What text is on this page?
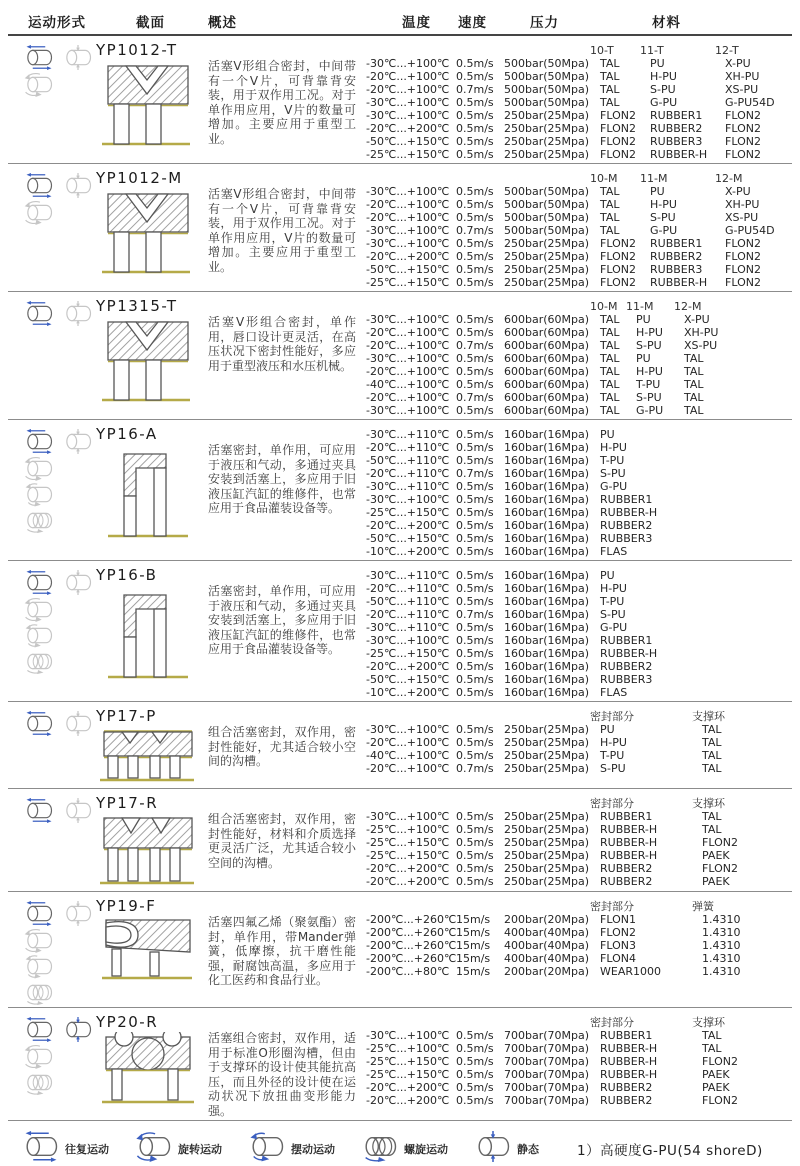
运动形式	截面	概述	温度 速度	压力	材料
YP1012-T
活塞V形组合密封，中间带有一个V片，可背靠背安装，用于双作用工况。对于单作用应用，V片的数量可增加。主要应用于重型工业。
10-T	11-T	12-T
-30℃...+100℃ 0.5m/s 500bar(50Mpa) TAL	PU	X-PU
-20℃...+100℃ 0.5m/s 500bar(50Mpa) TAL	H-PU	XH-PU
-20℃...+100℃ 0.7m/s 500bar(50Mpa) TAL	S-PU	XS-PU
-30℃...+100℃ 0.5m/s 500bar(50Mpa) TAL	G-PU	G-PU54D
-30℃...+100℃ 0.5m/s 250bar(25Mpa) FLON2	RUBBER1	FLON2
-20℃...+200℃ 0.5m/s 250bar(25Mpa) FLON2	RUBBER2	FLON2
-50℃...+150℃ 0.5m/s 250bar(25Mpa) FLON2	RUBBER3	FLON2
-25℃...+150℃ 0.5m/s 250bar(25Mpa) FLON2	RUBBER-H	FLON2
YP1012-M
活塞V形组合密封，中间带有一个V片，可背靠背安装，用于双作用工况。对于单作用应用，V片的数量可增加。主要应用于重型工业。
10-M	11-M	12-M
-30℃...+100℃ 0.5m/s 500bar(50Mpa) TAL	PU	X-PU
-20℃...+100℃ 0.5m/s 500bar(50Mpa) TAL	H-PU	XH-PU
-20℃...+100℃ 0.5m/s 500bar(50Mpa) TAL	S-PU	XS-PU
-30℃...+100℃ 0.7m/s 500bar(50Mpa) TAL	G-PU	G-PU54D
-30℃...+100℃ 0.5m/s 250bar(25Mpa) FLON2	RUBBER1	FLON2
-20℃...+200℃ 0.5m/s 250bar(25Mpa) FLON2	RUBBER2	FLON2
-50℃...+150℃ 0.5m/s 250bar(25Mpa) FLON2	RUBBER3	FLON2
-25℃...+150℃ 0.5m/s 250bar(25Mpa) FLON2	RUBBER-H	FLON2
YP1315-T
活塞V形组合密封，单作用，唇口设计更灵活，在高压状况下密封性能好，多应用于重型液压和水压机械。
10-M 11-M	12-M
-30℃...+100℃ 0.5m/s 600bar(60Mpa) TAL	PU	X-PU
-20℃...+100℃ 0.5m/s 600bar(60Mpa) TAL	H-PU	XH-PU
-20℃...+100℃ 0.7m/s 600bar(60Mpa) TAL	S-PU	XS-PU
-30℃...+100℃ 0.5m/s 600bar(60Mpa) TAL	PU	TAL
-20℃...+100℃ 0.5m/s 600bar(60Mpa) TAL	H-PU	TAL
-40℃...+100℃ 0.5m/s 600bar(60Mpa) TAL	T-PU	TAL
-20℃...+100℃ 0.7m/s 600bar(60Mpa) TAL	S-PU	TAL
-30℃...+100℃ 0.5m/s 600bar(60Mpa) TAL	G-PU	TAL
YP16-A
活塞密封，单作用，可应用于液压和气动，多通过夹具安装到活塞上，多应用于旧液压缸汽缸的维修件，也常应用于食品灌装设备等。
-30℃...+110℃ 0.5m/s 160bar(16Mpa) PU
-20℃...+110℃ 0.5m/s 160bar(16Mpa) H-PU
-50℃...+110℃ 0.5m/s 160bar(16Mpa) T-PU
-20℃...+110℃ 0.7m/s 160bar(16Mpa) S-PU
-30℃...+110℃ 0.5m/s 160bar(16Mpa) G-PU
-30℃...+100℃ 0.5m/s 160bar(16Mpa) RUBBER1
-25℃...+150℃ 0.5m/s 160bar(16Mpa) RUBBER-H
-20℃...+200℃ 0.5m/s 160bar(16Mpa) RUBBER2
-50℃...+150℃ 0.5m/s 160bar(16Mpa) RUBBER3
-10℃...+200℃ 0.5m/s 160bar(16Mpa) FLAS
YP16-B
活塞密封，单作用，可应用于液压和气动，多通过夹具安装到活塞上，多应用于旧液压缸汽缸的维修件，也常应用于食品灌装设备等。
-30℃...+110℃ 0.5m/s 160bar(16Mpa) PU
-20℃...+110℃ 0.5m/s 160bar(16Mpa) H-PU
-50℃...+110℃ 0.5m/s 160bar(16Mpa) T-PU
-20℃...+110℃ 0.7m/s 160bar(16Mpa) S-PU
-30℃...+110℃ 0.5m/s 160bar(16Mpa) G-PU
-30℃...+100℃ 0.5m/s 160bar(16Mpa) RUBBER1
-25℃...+150℃ 0.5m/s 160bar(16Mpa) RUBBER-H
-20℃...+200℃ 0.5m/s 160bar(16Mpa) RUBBER2
-50℃...+150℃ 0.5m/s 160bar(16Mpa) RUBBER3
-10℃...+200℃ 0.5m/s 160bar(16Mpa) FLAS
YP17-P
组合活塞密封，双作用，密封性能好，尤其适合较小空间的沟槽。
密封部分	支撑环
-30℃...+100℃ 0.5m/s 250bar(25Mpa) PU	TAL
-20℃...+100℃ 0.5m/s 250bar(25Mpa) H-PU	TAL
-40℃...+100℃ 0.5m/s 250bar(25Mpa) T-PU	TAL
-20℃...+100℃ 0.7m/s 250bar(25Mpa) S-PU	TAL
YP17-R
组合活塞密封，双作用，密封性能好，材料和介质选择更灵活广泛，尤其适合较小空间的沟槽。
密封部分	支撑环
-30℃...+100℃ 0.5m/s 250bar(25Mpa) RUBBER1	TAL
-25℃...+100℃ 0.5m/s 250bar(25Mpa) RUBBER-H	TAL
-25℃...+150℃ 0.5m/s 250bar(25Mpa) RUBBER-H	FLON2
-25℃...+150℃ 0.5m/s 250bar(25Mpa) RUBBER-H	PAEK
-20℃...+200℃ 0.5m/s 250bar(25Mpa) RUBBER2	FLON2
-20℃...+200℃ 0.5m/s 250bar(25Mpa) RUBBER2	PAEK
YP19-F
活塞四氟乙烯（聚氨酯）密封，单作用，带Mander弹簧，低摩擦，抗干磨性能强，耐腐蚀高温，多应用于化工医药和食品行业。
密封部分	弹簧
-200℃...+260℃ 15m/s	200bar(20Mpa) FLON1	1.4310
-200℃...+260℃ 15m/s	400bar(40Mpa) FLON2	1.4310
-200℃...+260℃ 15m/s	400bar(40Mpa) FLON3	1.4310
-200℃...+260℃ 15m/s	400bar(40Mpa) FLON4	1.4310
-200℃...+80℃ 15m/s	200bar(20Mpa) WEAR1000	1.4310
YP20-R
活塞组合密封，双作用，适用于标准O形圈沟槽，但由于支撑环的设计使其能抗高压，而且外径的设计使在运动状况下放扭曲变形能力强。
密封部分	支撑环
-30℃...+100℃ 0.5m/s 700bar(70Mpa) RUBBER1	TAL
-25℃...+100℃ 0.5m/s 700bar(70Mpa) RUBBER-H	TAL
-25℃...+150℃ 0.5m/s 700bar(70Mpa) RUBBER-H	FLON2
-25℃...+150℃ 0.5m/s 700bar(70Mpa) RUBBER-H	PAEK
-20℃...+200℃ 0.5m/s 700bar(70Mpa) RUBBER2	PAEK
-20℃...+200℃ 0.5m/s 700bar(70Mpa) RUBBER2	FLON2
往复运动	旋转运动	摆动运动	螺旋运动	静态	1）高硬度G-PU(54 shoreD)
